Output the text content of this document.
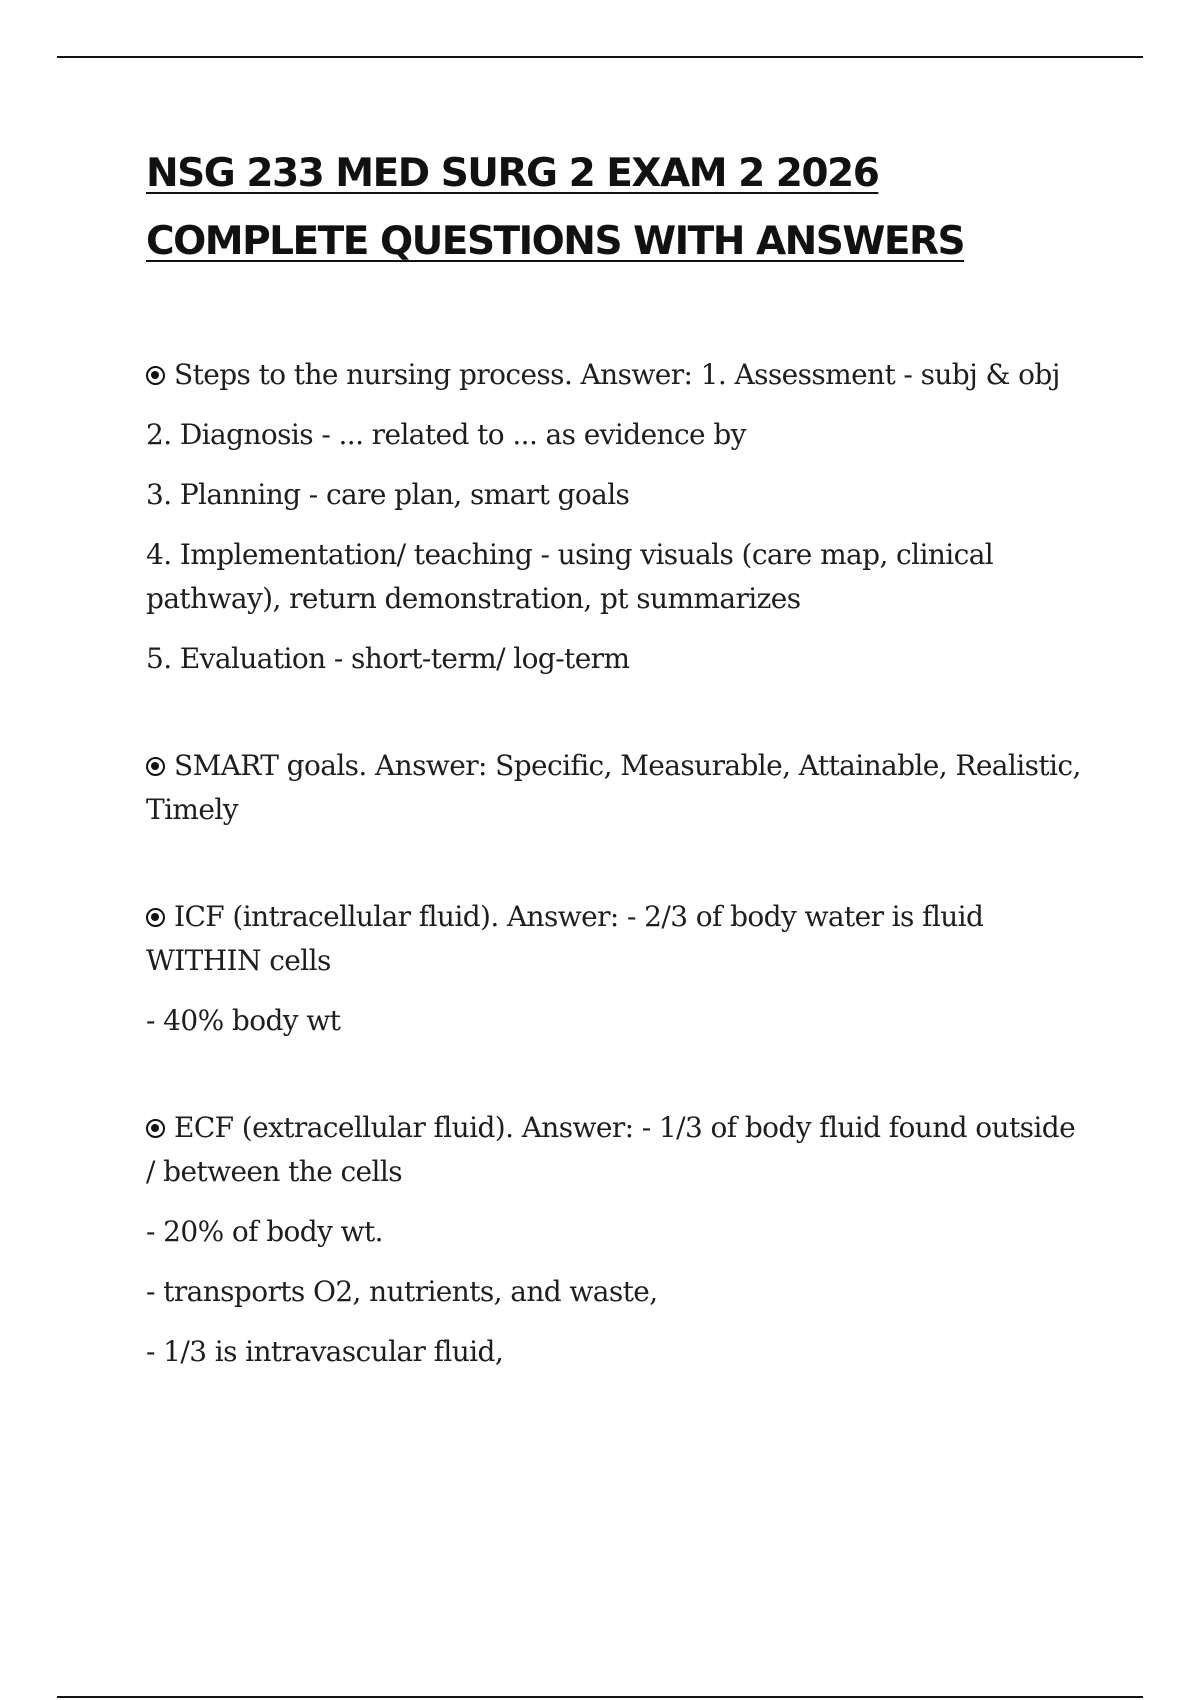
NSG 233 MED SURG 2 EXAM 2 2026
COMPLETE QUESTIONS WITH ANSWERS

Steps to the nursing process. Answer: 1. Assessment - subj & obj

2. Diagnosis - ... related to ... as evidence by

3. Planning - care plan, smart goals

4. Implementation/ teaching - using visuals (care map, clinical pathway), return demonstration, pt summarizes

5. Evaluation - short-term/ log-term

SMART goals. Answer: Specific, Measurable, Attainable, Realistic, Timely

ICF (intracellular fluid). Answer: - 2/3 of body water is fluid WITHIN cells

- 40% body wt

ECF (extracellular fluid). Answer: - 1/3 of body fluid found outside / between the cells

- 20% of body wt.

- transports O2, nutrients, and waste,

- 1/3 is intravascular fluid,
